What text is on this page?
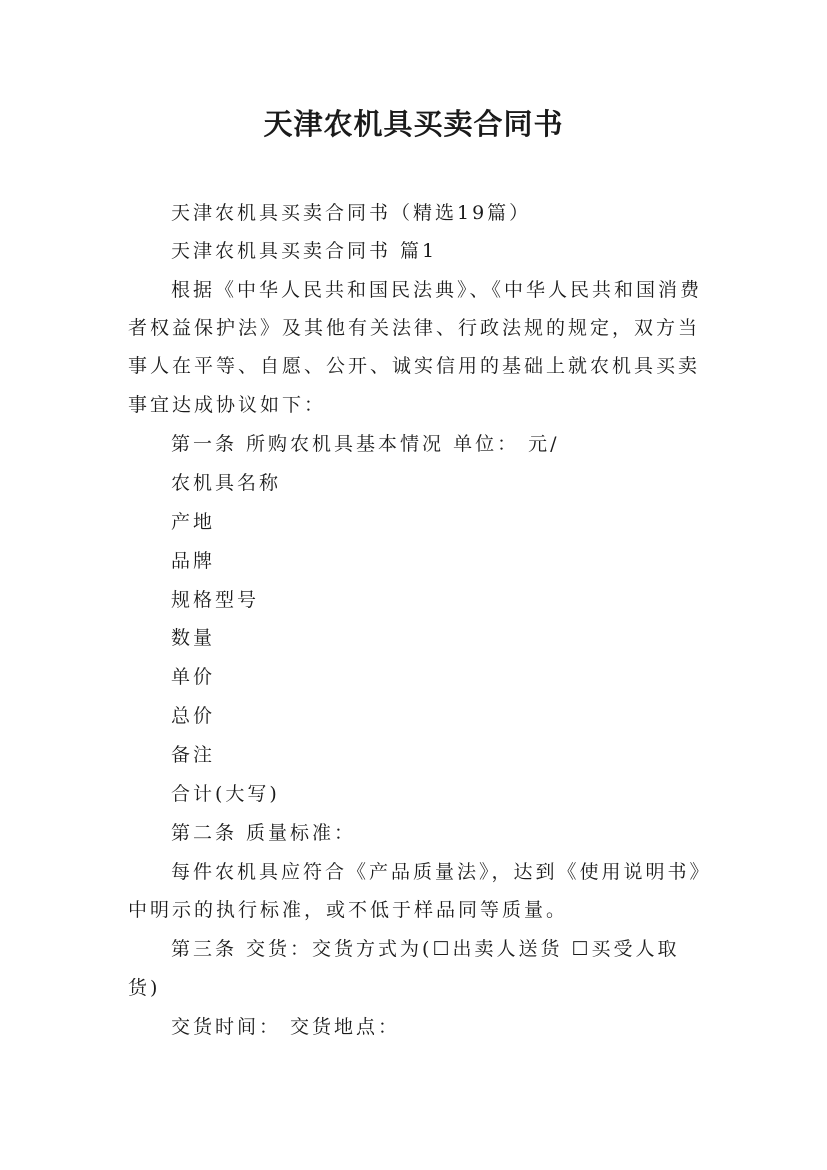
天津农机具买卖合同书

天津农机具买卖合同书（精选19篇）

天津农机具买卖合同书 篇1

根据《中华人民共和国民法典》、《中华人民共和国消费

者权益保护法》及其他有关法律、行政法规的规定，双方当

事人在平等、自愿、公开、诚实信用的基础上就农机具买卖

事宜达成协议如下：

第一条 所购农机具基本情况 单位： 元/

农机具名称

产地

品牌

规格型号

数量

单价

总价

备注

合计(大写)

第二条 质量标准：

每件农机具应符合《产品质量法》，达到《使用说明书》

中明示的执行标准，或不低于样品同等质量。

第三条 交货：交货方式为(☐出卖人送货 ☐买受人取

货)

交货时间： 交货地点：
